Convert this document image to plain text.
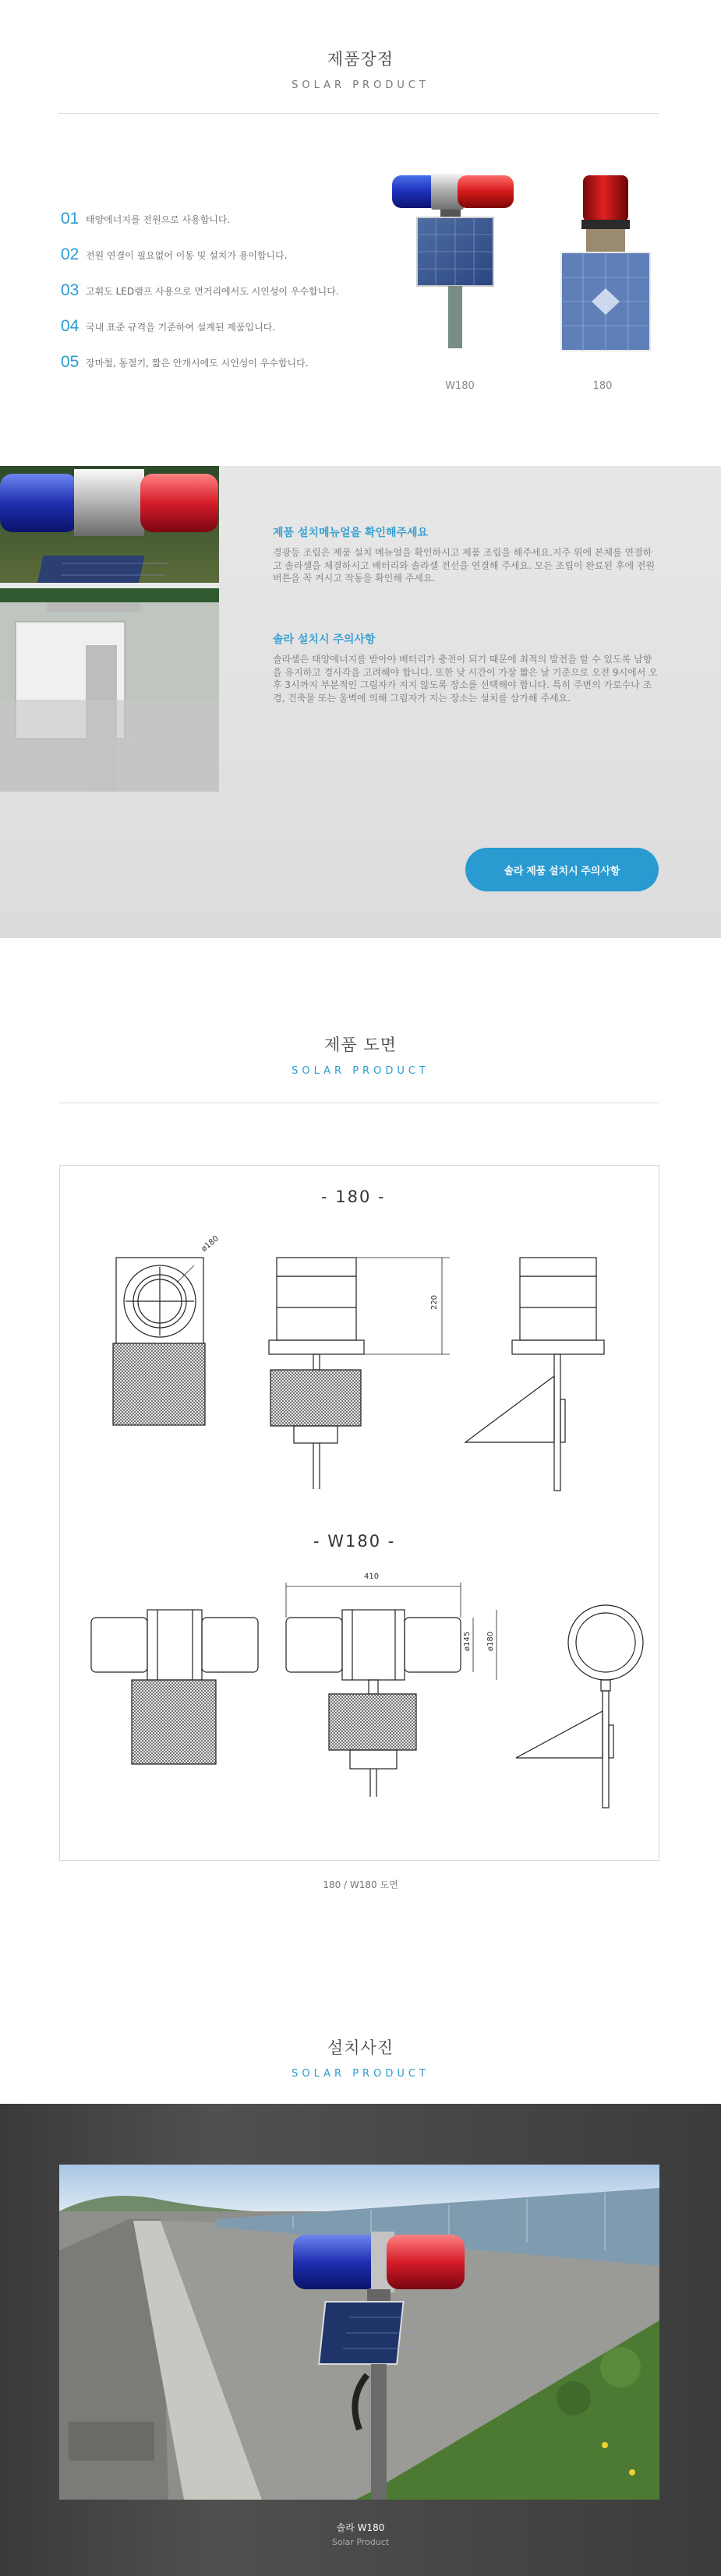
제품장점
SOLAR PRODUCT
01 태양에너지를 전원으로 사용합니다.
02 전원 연결이 필요없어 이동 및 설치가 용이합니다.
03 고휘도 LED램프 사용으로 먼거리에서도 시인성이 우수합니다.
04 국내 표준 규격을 기준하여 설계된 제품입니다.
05 장마철, 동절기, 짧은 안개시에도 시인성이 우수합니다.
W180	180
제품 설치메뉴얼을 확인해주세요

경광등 조립은 제품 설치 메뉴얼을 확인하시고 제품 조립을 해주세요.지주 위에 본체를 연결하고 솔라셀을 체결하시고 배터리와 솔라셀 전선을 연결해 주세요. 모든 조립이 완료된 후에 전원 버튼을 꼭 켜시고 작동을 확인해 주세요.

솔라 설치시 주의사항

솔라셀은 태양에너지를 받아야 배터리가 충전이 되기 때문에 최적의 발전을 할 수 있도록 남향을 유지하고 경사각을 고려해야 합니다. 또한 낮 시간이 가장 짧은 날 기준으로 오전 9시에서 오후 3시까지 부분적인 그림자가 지지 않도록 장소를 선택해야 합니다. 특히 주변의 가로수나 조경, 건축물 또는 울벽에 의해 그림자가 지는 장소는 설치를 삼가해 주세요.

솔라 제품 설치시 주의사항
제품 도면
SOLAR PRODUCT
- 180 -
- W180 -
ø180
220
410
ø145 ø180
180 / W180 도면
설치사진
SOLAR PRODUCT
솔라 W180
Solar Product
